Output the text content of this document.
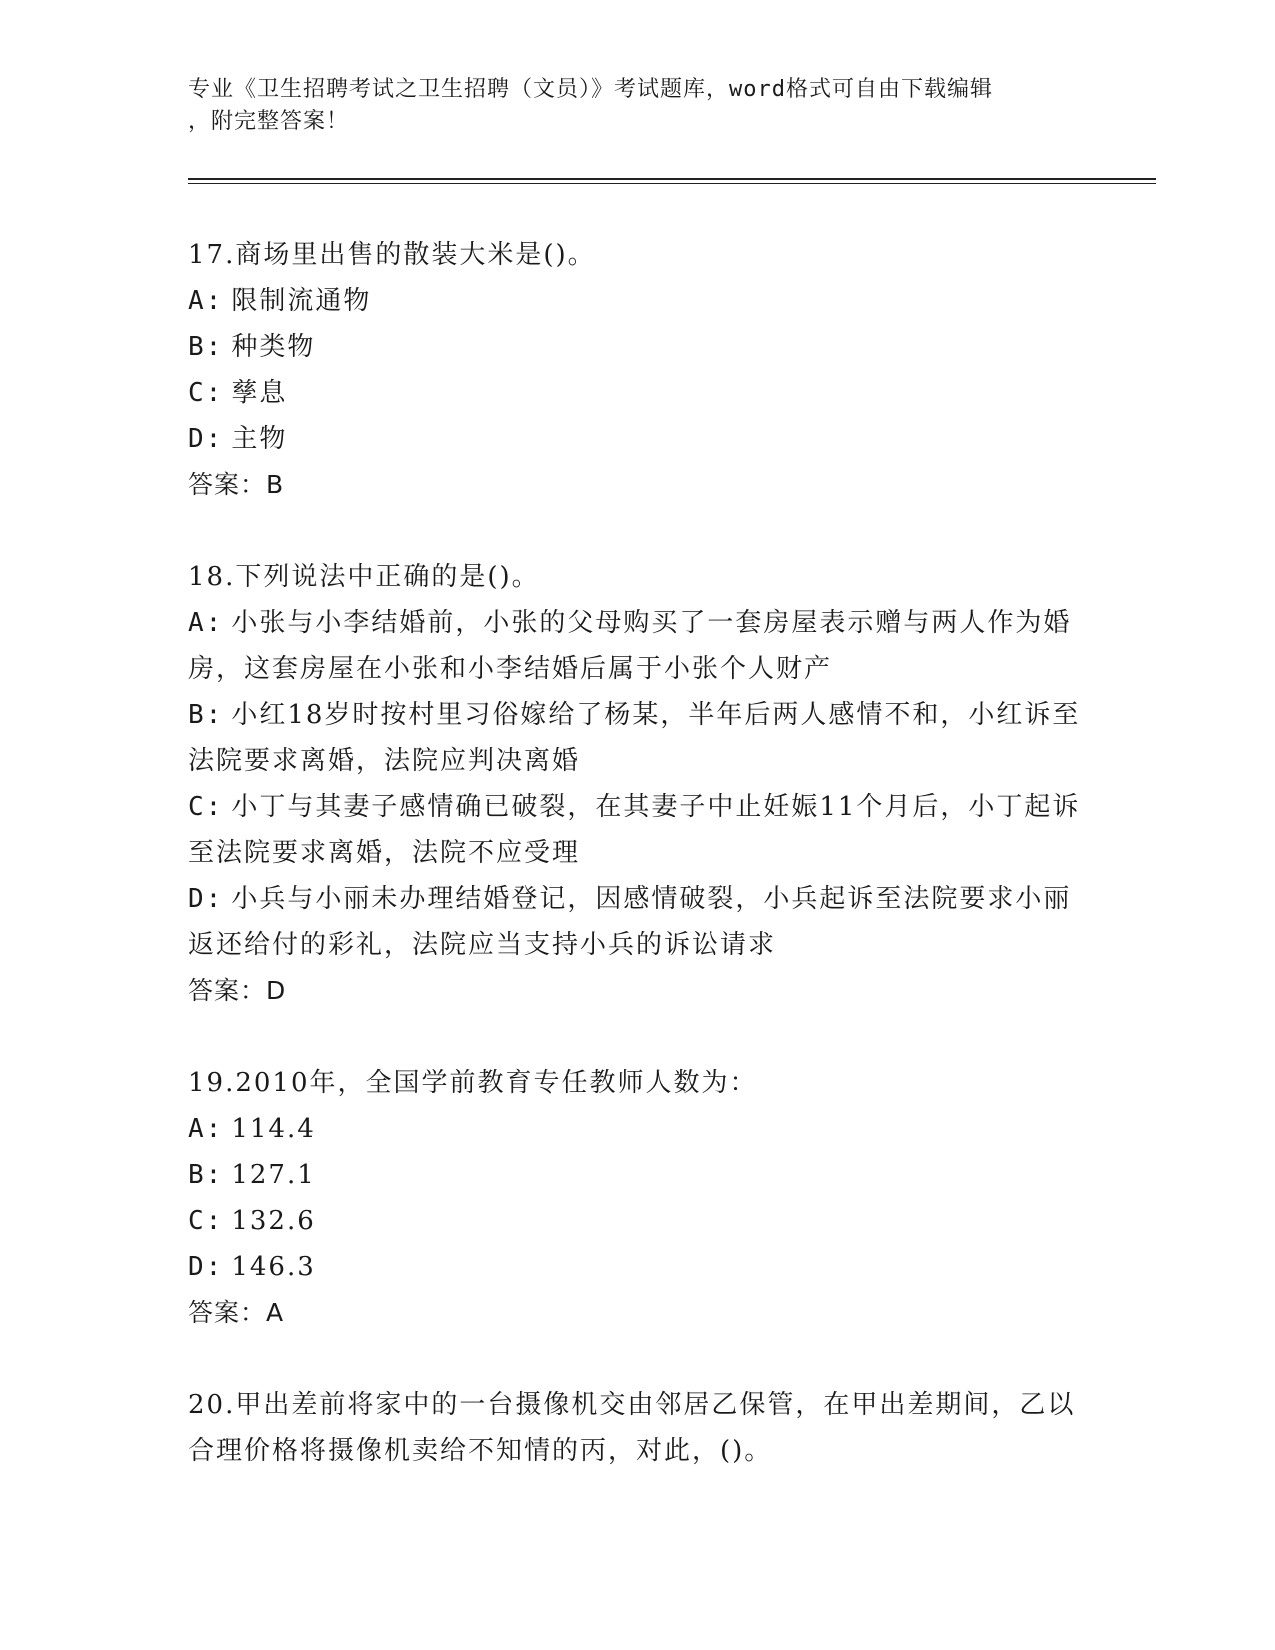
专业《卫生招聘考试之卫生招聘（文员）》考试题库，word格式可自由下载编辑
，附完整答案！

17.商场里出售的散装大米是()。

A: 限制流通物

B: 种类物

C: 孳息

D: 主物

答案：B

18.下列说法中正确的是()。

A: 小张与小李结婚前，小张的父母购买了一套房屋表示赠与两人作为婚房，这套房屋在小张和小李结婚后属于小张个人财产

B: 小红18岁时按村里习俗嫁给了杨某，半年后两人感情不和，小红诉至法院要求离婚，法院应判决离婚

C: 小丁与其妻子感情确已破裂，在其妻子中止妊娠11个月后，小丁起诉至法院要求离婚，法院不应受理

D: 小兵与小丽未办理结婚登记，因感情破裂，小兵起诉至法院要求小丽返还给付的彩礼，法院应当支持小兵的诉讼请求

答案：D

19.2010年，全国学前教育专任教师人数为：

A: 114.4

B: 127.1

C: 132.6

D: 146.3

答案：A

20.甲出差前将家中的一台摄像机交由邻居乙保管，在甲出差期间，乙以合理价格将摄像机卖给不知情的丙，对此，()。
